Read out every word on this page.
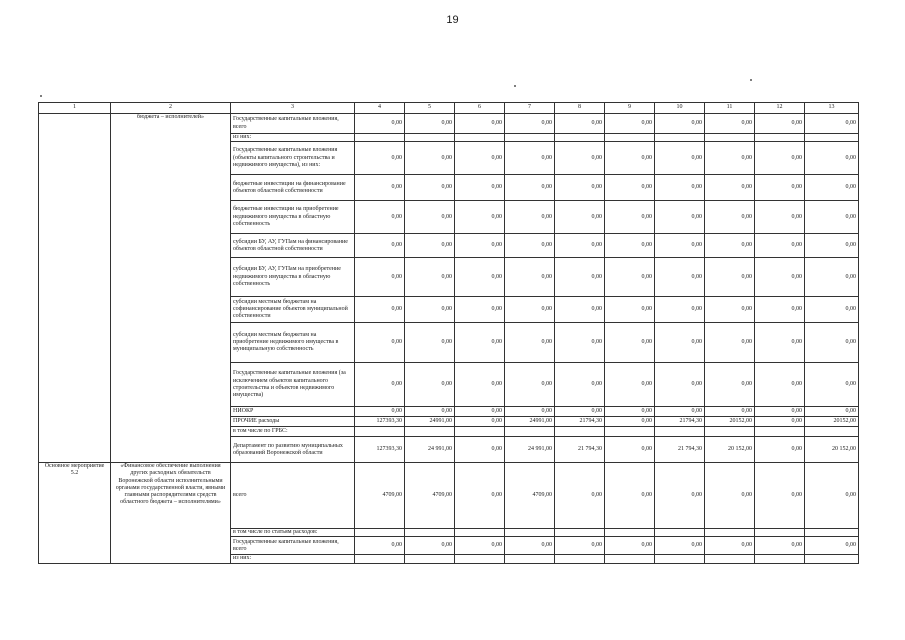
19
1	2	3	4	5	6	7	8	9	10	11	12	13
	бюджета – исполнителей»	Государственные капитальные вложения, всего	0,00	0,00	0,00	0,00	0,00	0,00	0,00	0,00	0,00	0,00
		из них:										
		Государственные капитальные вложения (объекты капитального строительства и недвижимого имущества), из них:	0,00	0,00	0,00	0,00	0,00	0,00	0,00	0,00	0,00	0,00
		бюджетные инвестиции на финансирование объектов областной собственности	0,00	0,00	0,00	0,00	0,00	0,00	0,00	0,00	0,00	0,00
		бюджетные инвестиции на приобретение недвижимого имущества в областную собственность	0,00	0,00	0,00	0,00	0,00	0,00	0,00	0,00	0,00	0,00
		субсидии БУ, АУ, ГУПам на финансирование объектов областной собственности	0,00	0,00	0,00	0,00	0,00	0,00	0,00	0,00	0,00	0,00
		субсидии БУ, АУ, ГУПам на приобретение недвижимого имущества в областную собственность	0,00	0,00	0,00	0,00	0,00	0,00	0,00	0,00	0,00	0,00
		субсидии местным бюджетам на софинансирование объектов муниципальной собственности	0,00	0,00	0,00	0,00	0,00	0,00	0,00	0,00	0,00	0,00
		субсидии местным бюджетам на приобретение недвижимого имущества в муниципальную собственность	0,00	0,00	0,00	0,00	0,00	0,00	0,00	0,00	0,00	0,00
		Государственные капитальные вложения (за исключением объектов капитального строительства и объектов недвижимого имущества)	0,00	0,00	0,00	0,00	0,00	0,00	0,00	0,00	0,00	0,00
		НИОКР	0,00	0,00	0,00	0,00	0,00	0,00	0,00	0,00	0,00	0,00
		ПРОЧИЕ расходы	127393,30	24991,00	0,00	24991,00	21794,30	0,00	21794,30	20152,00	0,00	20152,00
		в том числе по ГРБС:										
		Департамент по развитию муниципальных образований Воронежской области	127393,30	24 991,00	0,00	24 991,00	21 794,30	0,00	21 794,30	20 152,00	0,00	20 152,00
Основное мероприятие 5.2	«Финансовое обеспечение выполнения других расходных обязательств Воронежской области исполнительными органами государственной власти, явными главными распорядителями средств областного бюджета – исполнителями»	всего	4709,00	4709,00	0,00	4709,00	0,00	0,00	0,00	0,00	0,00	0,00
		в том числе по статьям расходов:										
		Государственные капитальные вложения, всего	0,00	0,00	0,00	0,00	0,00	0,00	0,00	0,00	0,00	0,00
		из них:										
